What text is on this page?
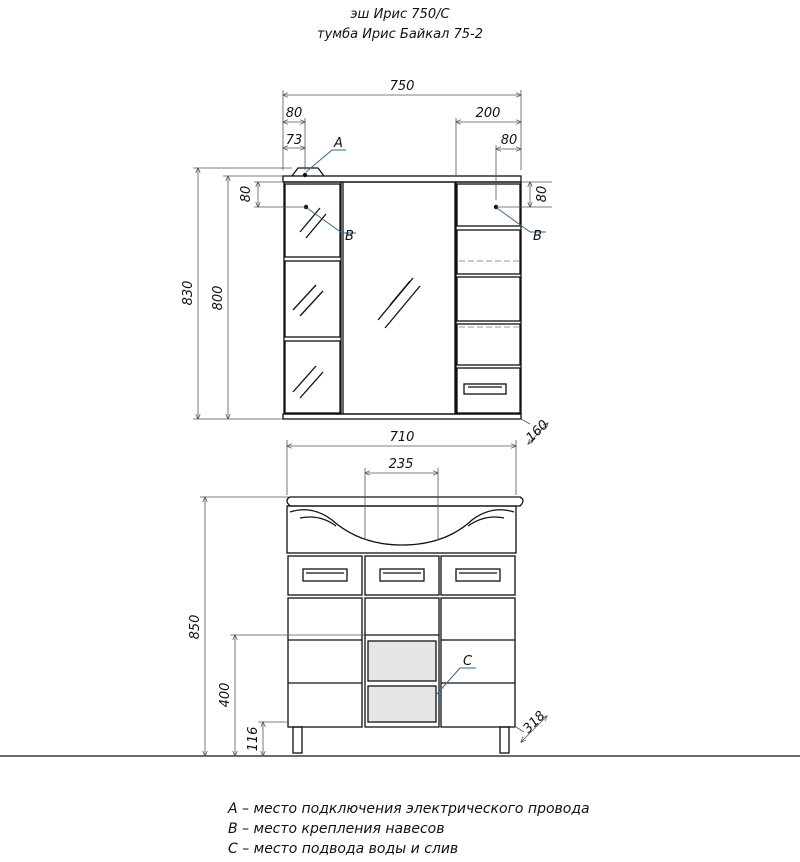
эш Ирис 750/С
тумба Ирис Байкал 75-2
750
80
73 A
200
80
80	80
B	B
830 800
160
710
235
850
400
116
C
318
A – место подключения электрического провода
B – место крепления навесов
C – место подвода воды и слив
